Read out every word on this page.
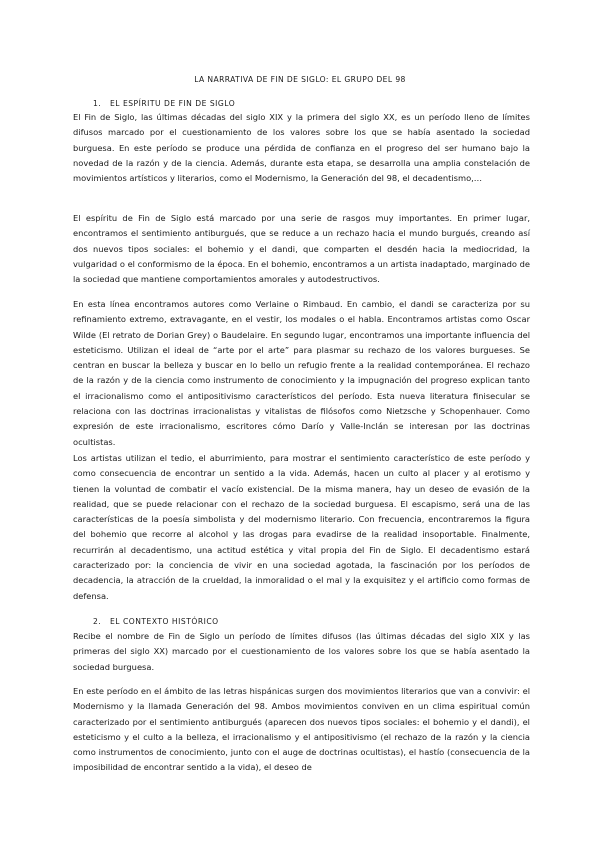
LA NARRATIVA DE FIN DE SIGLO: EL GRUPO DEL 98

1. EL ESPÍRITU DE FIN DE SIGLO

El Fin de Siglo, las últimas décadas del siglo XIX y la primera del siglo XX, es un período lleno de límites difusos marcado por el cuestionamiento de los valores sobre los que se había asentado la sociedad burguesa. En este período se produce una pérdida de confianza en el progreso del ser humano bajo la novedad de la razón y de la ciencia. Además, durante esta etapa, se desarrolla una amplia constelación de movimientos artísticos y literarios, como el Modernismo, la Generación del 98, el decadentismo,…

El espíritu de Fin de Siglo está marcado por una serie de rasgos muy importantes. En primer lugar, encontramos el sentimiento antiburgués, que se reduce a un rechazo hacia el mundo burgués, creando así dos nuevos tipos sociales: el bohemio y el dandi, que comparten el desdén hacia la mediocridad, la vulgaridad o el conformismo de la época. En el bohemio, encontramos a un artista inadaptado, marginado de la sociedad que mantiene comportamientos amorales y autodestructivos.

En esta línea encontramos autores como Verlaine o Rimbaud. En cambio, el dandi se caracteriza por su refinamiento extremo, extravagante, en el vestir, los modales o el habla. Encontramos artistas como Oscar Wilde (El retrato de Dorian Grey) o Baudelaire. En segundo lugar, encontramos una importante influencia del esteticismo. Utilizan el ideal de “arte por el arte” para plasmar su rechazo de los valores burgueses. Se centran en buscar la belleza y buscar en lo bello un refugio frente a la realidad contemporánea. El rechazo de la razón y de la ciencia como instrumento de conocimiento y la impugnación del progreso explican tanto el irracionalismo como el antipositivismo característicos del período. Esta nueva literatura finisecular se relaciona con las doctrinas irracionalistas y vitalistas de filósofos como Nietzsche y Schopenhauer. Como expresión de este irracionalismo, escritores cómo Darío y Valle-Inclán se interesan por las doctrinas ocultistas.

Los artistas utilizan el tedio, el aburrimiento, para mostrar el sentimiento característico de este período y como consecuencia de encontrar un sentido a la vida. Además, hacen un culto al placer y al erotismo y tienen la voluntad de combatir el vacío existencial. De la misma manera, hay un deseo de evasión de la realidad, que se puede relacionar con el rechazo de la sociedad burguesa. El escapismo, será una de las características de la poesía simbolista y del modernismo literario. Con frecuencia, encontraremos la figura del bohemio que recorre al alcohol y las drogas para evadirse de la realidad insoportable. Finalmente, recurrirán al decadentismo, una actitud estética y vital propia del Fin de Siglo. El decadentismo estará caracterizado por: la conciencia de vivir en una sociedad agotada, la fascinación por los períodos de decadencia, la atracción de la crueldad, la inmoralidad o el mal y la exquisitez y el artificio como formas de defensa.

2. EL CONTEXTO HISTÓRICO

Recibe el nombre de Fin de Siglo un período de límites difusos (las últimas décadas del siglo XIX y las primeras del siglo XX) marcado por el cuestionamiento de los valores sobre los que se había asentado la sociedad burguesa.

En este período en el ámbito de las letras hispánicas surgen dos movimientos literarios que van a convivir: el Modernismo y la llamada Generación del 98. Ambos movimientos conviven en un clima espiritual común caracterizado por el sentimiento antiburgués (aparecen dos nuevos tipos sociales: el bohemio y el dandi), el esteticismo y el culto a la belleza, el irracionalismo y el antipositivismo (el rechazo de la razón y la ciencia como instrumentos de conocimiento, junto con el auge de doctrinas ocultistas), el hastío (consecuencia de la imposibilidad de encontrar sentido a la vida), el deseo de
